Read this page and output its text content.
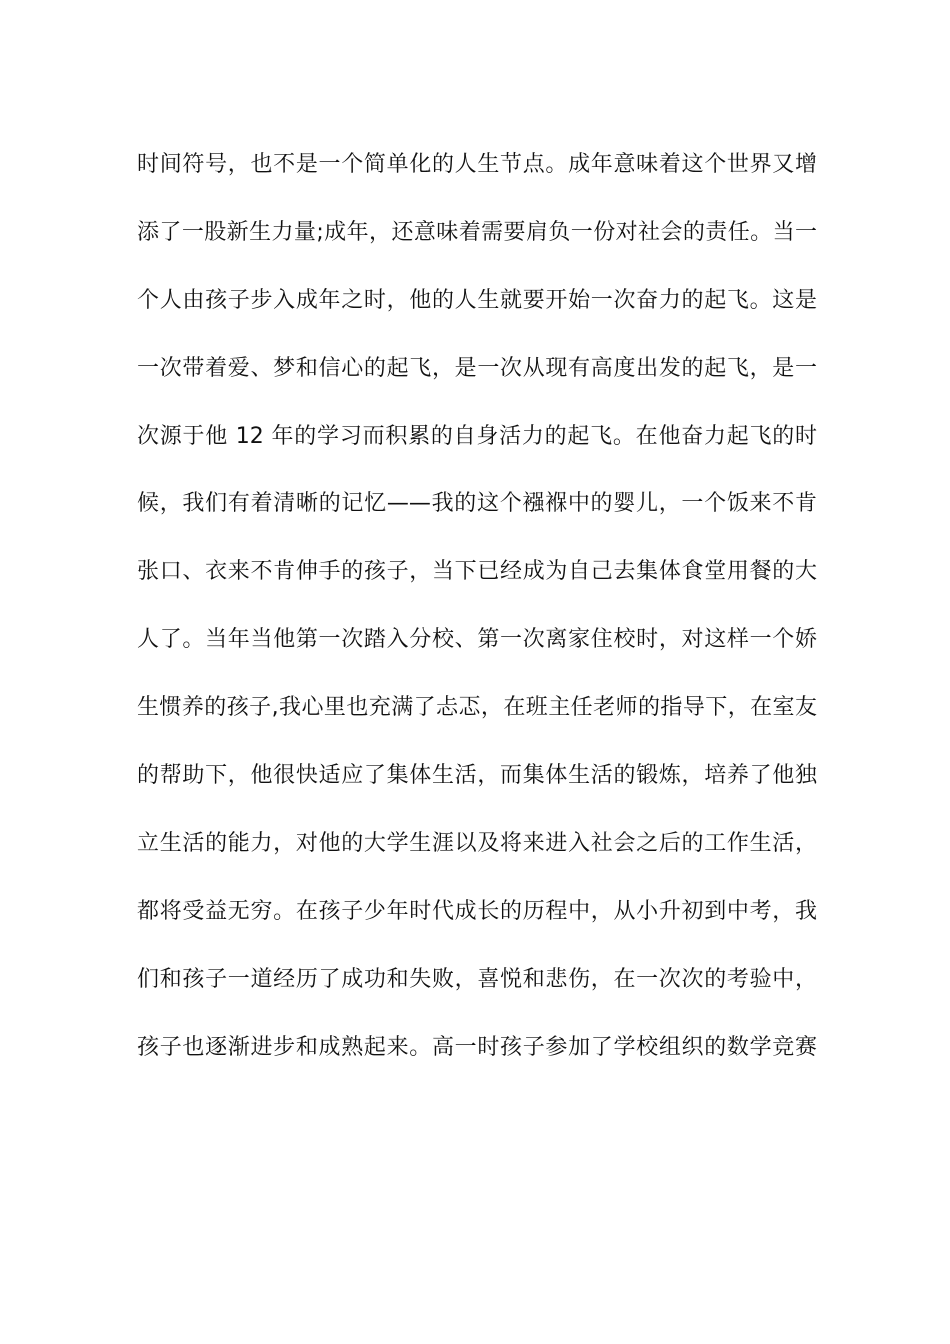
时间符号，也不是一个简单化的人生节点。成年意味着这个世界又增
添了一股新生力量;成年，还意味着需要肩负一份对社会的责任。当一
个人由孩子步入成年之时，他的人生就要开始一次奋力的起飞。这是
一次带着爱、梦和信心的起飞，是一次从现有高度出发的起飞，是一
次源于他 12 年的学习而积累的自身活力的起飞。在他奋力起飞的时
候，我们有着清晰的记忆——我的这个襁褓中的婴儿，一个饭来不肯
张口、衣来不肯伸手的孩子，当下已经成为自己去集体食堂用餐的大
人了。当年当他第一次踏入分校、第一次离家住校时，对这样一个娇
生惯养的孩子,我心里也充满了忐忑，在班主任老师的指导下，在室友
的帮助下，他很快适应了集体生活，而集体生活的锻炼，培养了他独
立生活的能力，对他的大学生涯以及将来进入社会之后的工作生活，
都将受益无穷。在孩子少年时代成长的历程中，从小升初到中考，我
们和孩子一道经历了成功和失败，喜悦和悲伤，在一次次的考验中，
孩子也逐渐进步和成熟起来。高一时孩子参加了学校组织的数学竞赛
